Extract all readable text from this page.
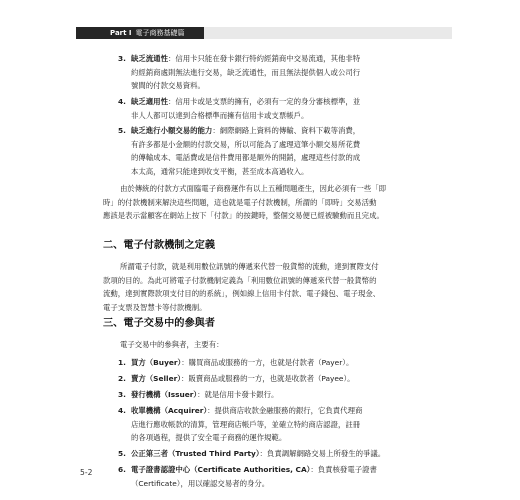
Part I 電子商務基礎篇
3. 缺乏流通性：信用卡只能在發卡銀行特約經銷商中交易流通，其他非特
約經銷商處則無法進行交易，缺乏流通性，而且無法提供個人或公司行
號間的付款交易資料。
4. 缺乏適用性：信用卡或是支票的擁有，必須有一定的身分審核標準，並
非人人都可以達到合格標準而擁有信用卡或支票帳戶。
5. 缺乏進行小額交易的能力：網際網路上資料的傳輸、資料下載等消費，
有許多都是小金額的付款交易，所以可能為了處理這筆小額交易所花費
的傳輸成本、電話費或是信件費用都是額外的開銷，處理這些付款的成
本太高，通常只能達到收支平衡，甚至成本高過收入。
由於傳統的付款方式面臨電子商務運作有以上五種問題產生，因此必須有一些「即
時」的付款機制來解決這些問題，這也就是電子付款機制，所謂的「即時」交易活動
應該是表示當顧客在網站上按下「付款」的按鍵時，整個交易便已經被驗動而且完成。
二、電子付款機制之定義
所謂電子付款，就是利用數位訊號的傳遞來代替一般貨幣的流動，達到實際支付
款項的目的。為此可將電子付款機制定義為「利用數位訊號的傳遞來代替一般貨幣的
流動，達到實際款項支付目的的系統」，例如線上信用卡付款、電子錢包、電子現金、
電子支票及智慧卡等付款機制。
三、電子交易中的參與者
電子交易中的參與者，主要有：
1. 買方（Buyer）：購買商品或服務的一方，也就是付款者（Payer）。
2. 賣方（Seller）：販賣商品或服務的一方，也就是收款者（Payee）。
3. 發行機構（Issuer）：就是信用卡發卡銀行。
4. 收單機構（Acquirer）：提供商店收款金融服務的銀行，它負責代理商
店進行應收帳款的清算，管理商店帳戶等，並確立特約商店認證，註冊
的各項過程，提供了安全電子商務的運作規範。
5. 公正第三者（Trusted Third Party）：負責調解網路交易上所發生的爭議。
6. 電子證書認證中心（Certificate Authorities, CA）：負責核發電子證書
（Certificate），用以確認交易者的身分。
5-2
